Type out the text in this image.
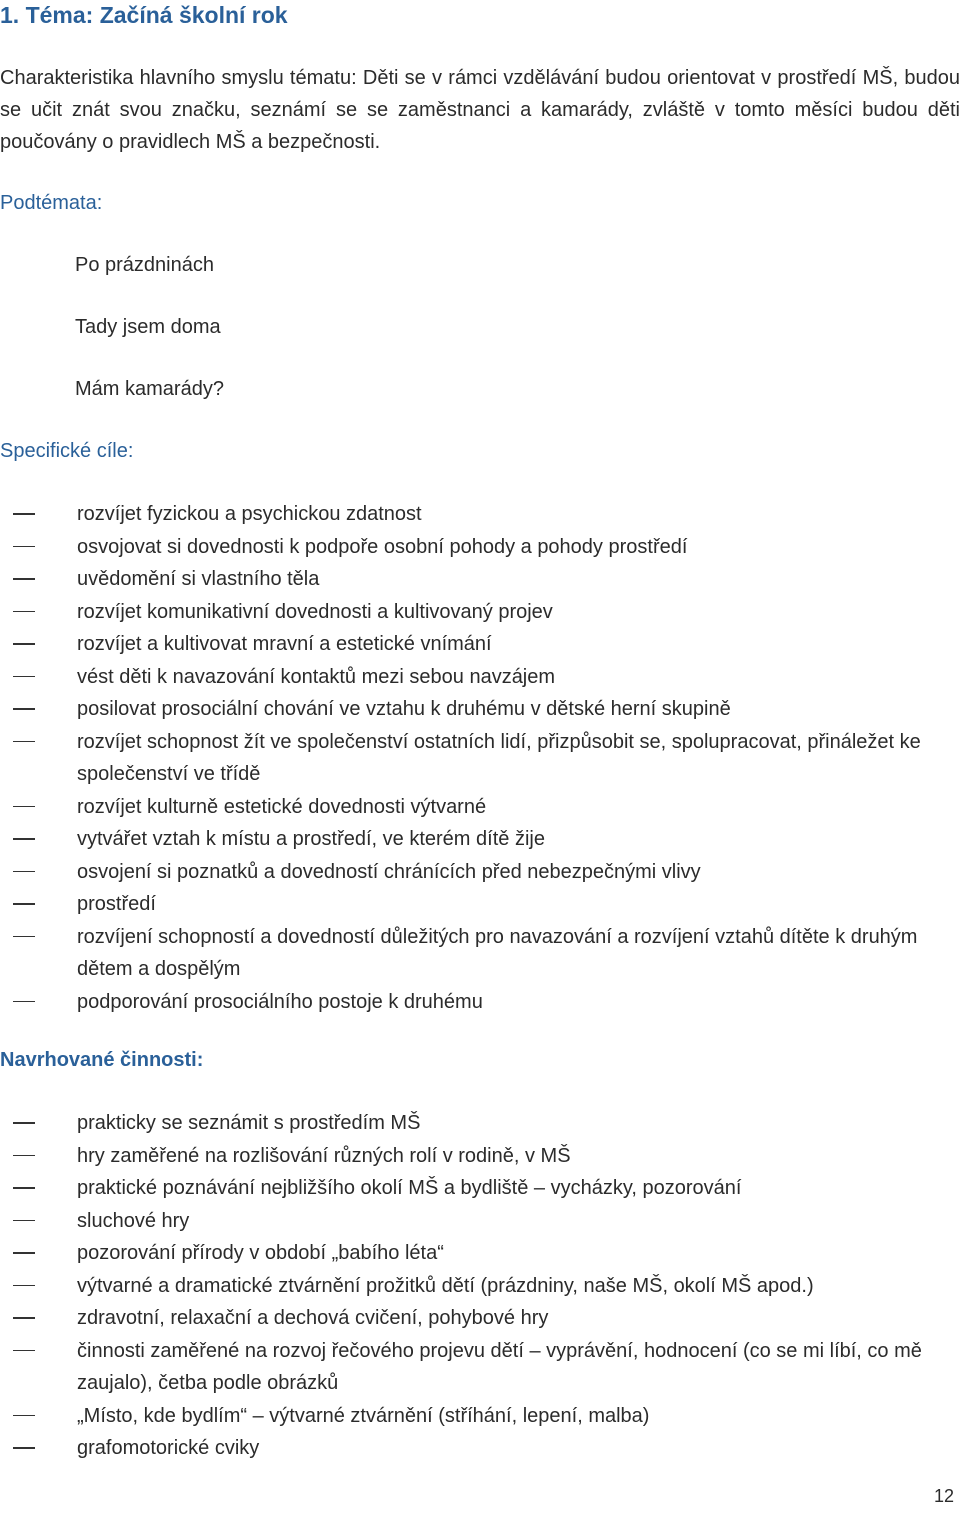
1. Téma: Začíná školní rok
Charakteristika hlavního smyslu tématu: Děti se v rámci vzdělávání budou orientovat v prostředí MŠ, budou se učit znát svou značku, seznámí se se zaměstnanci a kamarády, zvláště v tomto měsíci budou děti poučovány o pravidlech MŠ a bezpečnosti.
Podtémata:
Po prázdninách
Tady jsem doma
Mám kamarády?
Specifické cíle:
rozvíjet fyzickou a psychickou zdatnost
osvojovat si dovednosti k podpoře osobní pohody a pohody prostředí
uvědomění si vlastního těla
rozvíjet komunikativní dovednosti a kultivovaný projev
rozvíjet a kultivovat mravní a estetické vnímání
vést děti k navazování kontaktů mezi sebou navzájem
posilovat prosociální chování ve vztahu k druhému v dětské herní skupině
rozvíjet schopnost žít ve společenství ostatních lidí, přizpůsobit se, spolupracovat, přináležet ke společenství ve třídě
rozvíjet kulturně estetické dovednosti výtvarné
vytvářet vztah k místu a prostředí, ve kterém dítě žije
osvojení si poznatků a dovedností chránících před nebezpečnými vlivy
prostředí
rozvíjení schopností a dovedností důležitých pro navazování a rozvíjení vztahů dítěte k druhým dětem a dospělým
podporování prosociálního postoje k druhému
Navrhované činnosti:
prakticky se seznámit s prostředím MŠ
hry zaměřené na rozlišování různých rolí v rodině, v MŠ
praktické poznávání nejbližšího okolí MŠ a bydliště – vycházky, pozorování
sluchové hry
pozorování přírody v období „babího léta“
výtvarné a dramatické ztvárnění prožitků dětí (prázdniny, naše MŠ, okolí MŠ apod.)
zdravotní, relaxační a dechová cvičení, pohybové hry
činnosti zaměřené na rozvoj řečového projevu dětí – vyprávění, hodnocení (co se mi líbí, co mě zaujalo), četba podle obrázků
„Místo, kde bydlím“ – výtvarné ztvárnění (stříhání, lepení, malba)
grafomotorické cviky
12
